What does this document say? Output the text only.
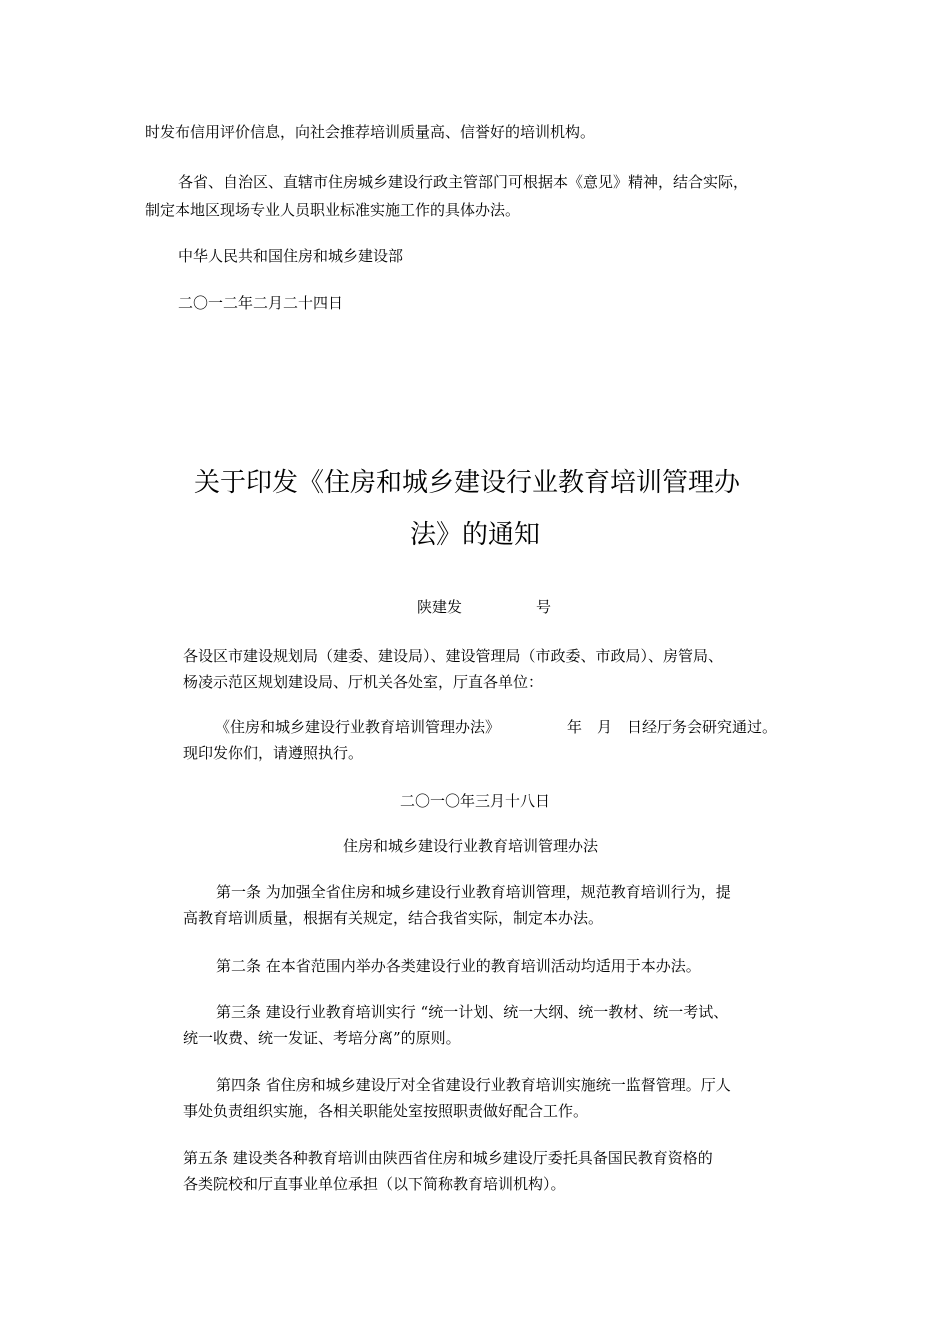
时发布信用评价信息，向社会推荐培训质量高、信誉好的培训机构。
各省、自治区、直辖市住房城乡建设行政主管部门可根据本《意见》精神，结合实际，
制定本地区现场专业人员职业标准实施工作的具体办法。
中华人民共和国住房和城乡建设部
二〇一二年二月二十四日
关于印发《住房和城乡建设行业教育培训管理办
法》的通知
陕建发	号
各设区市建设规划局（建委、建设局）、建设管理局（市政委、市政局）、房管局、
杨凌示范区规划建设局、厅机关各处室，厅直各单位：
《住房和城乡建设行业教育培训管理办法》	年　月　日经厅务会研究通过。
现印发你们，请遵照执行。
二〇一〇年三月十八日
住房和城乡建设行业教育培训管理办法
第一条 为加强全省住房和城乡建设行业教育培训管理，规范教育培训行为，提
高教育培训质量，根据有关规定，结合我省实际，制定本办法。
第二条 在本省范围内举办各类建设行业的教育培训活动均适用于本办法。
第三条 建设行业教育培训实行 “统一计划、统一大纲、统一教材、统一考试、
统一收费、统一发证、考培分离”的原则。
第四条 省住房和城乡建设厅对全省建设行业教育培训实施统一监督管理。厅人
事处负责组织实施，各相关职能处室按照职责做好配合工作。
第五条 建设类各种教育培训由陕西省住房和城乡建设厅委托具备国民教育资格的
各类院校和厅直事业单位承担（以下简称教育培训机构）。
